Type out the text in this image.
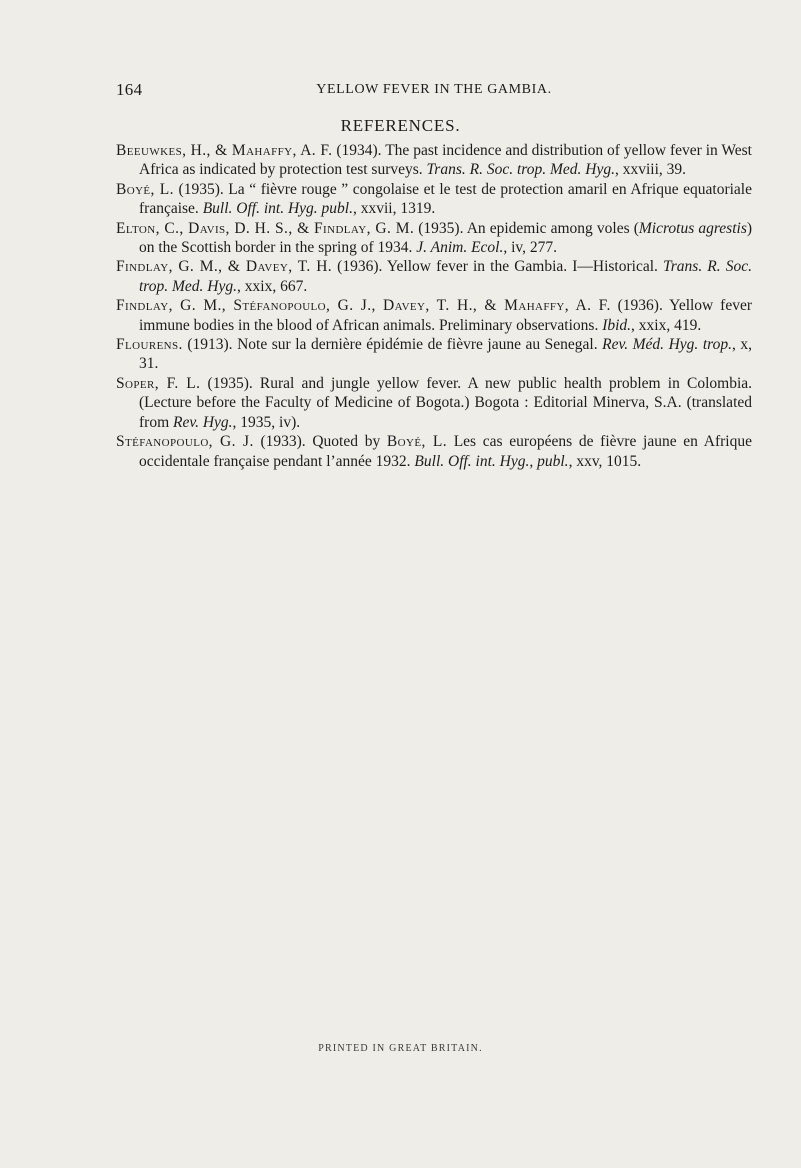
164	YELLOW FEVER IN THE GAMBIA.
REFERENCES.

Beeuwkes, H., & Mahaffy, A. F. (1934). The past incidence and distribution of yellow fever in West Africa as indicated by protection test surveys. Trans. R. Soc. trop. Med. Hyg., xxviii, 39.

Boyé, L. (1935). La “ fièvre rouge ” congolaise et le test de protection amaril en Afrique equatoriale française. Bull. Off. int. Hyg. publ., xxvii, 1319.

Elton, C., Davis, D. H. S., & Findlay, G. M. (1935). An epidemic among voles (Microtus agrestis) on the Scottish border in the spring of 1934. J. Anim. Ecol., iv, 277.

Findlay, G. M., & Davey, T. H. (1936). Yellow fever in the Gambia. I—Historical. Trans. R. Soc. trop. Med. Hyg., xxix, 667.

Findlay, G. M., Stéfanopoulo, G. J., Davey, T. H., & Mahaffy, A. F. (1936). Yellow fever immune bodies in the blood of African animals. Preliminary observations. Ibid., xxix, 419.

Flourens. (1913). Note sur la dernière épidémie de fièvre jaune au Senegal. Rev. Méd. Hyg. trop., x, 31.

Soper, F. L. (1935). Rural and jungle yellow fever. A new public health problem in Colombia. (Lecture before the Faculty of Medicine of Bogota.) Bogota : Editorial Minerva, S.A. (translated from Rev. Hyg., 1935, iv).

Stéfanopoulo, G. J. (1933). Quoted by Boyé, L. Les cas européens de fièvre jaune en Afrique occidentale française pendant l’année 1932. Bull. Off. int. Hyg., publ., xxv, 1015.

PRINTED IN GREAT BRITAIN.
